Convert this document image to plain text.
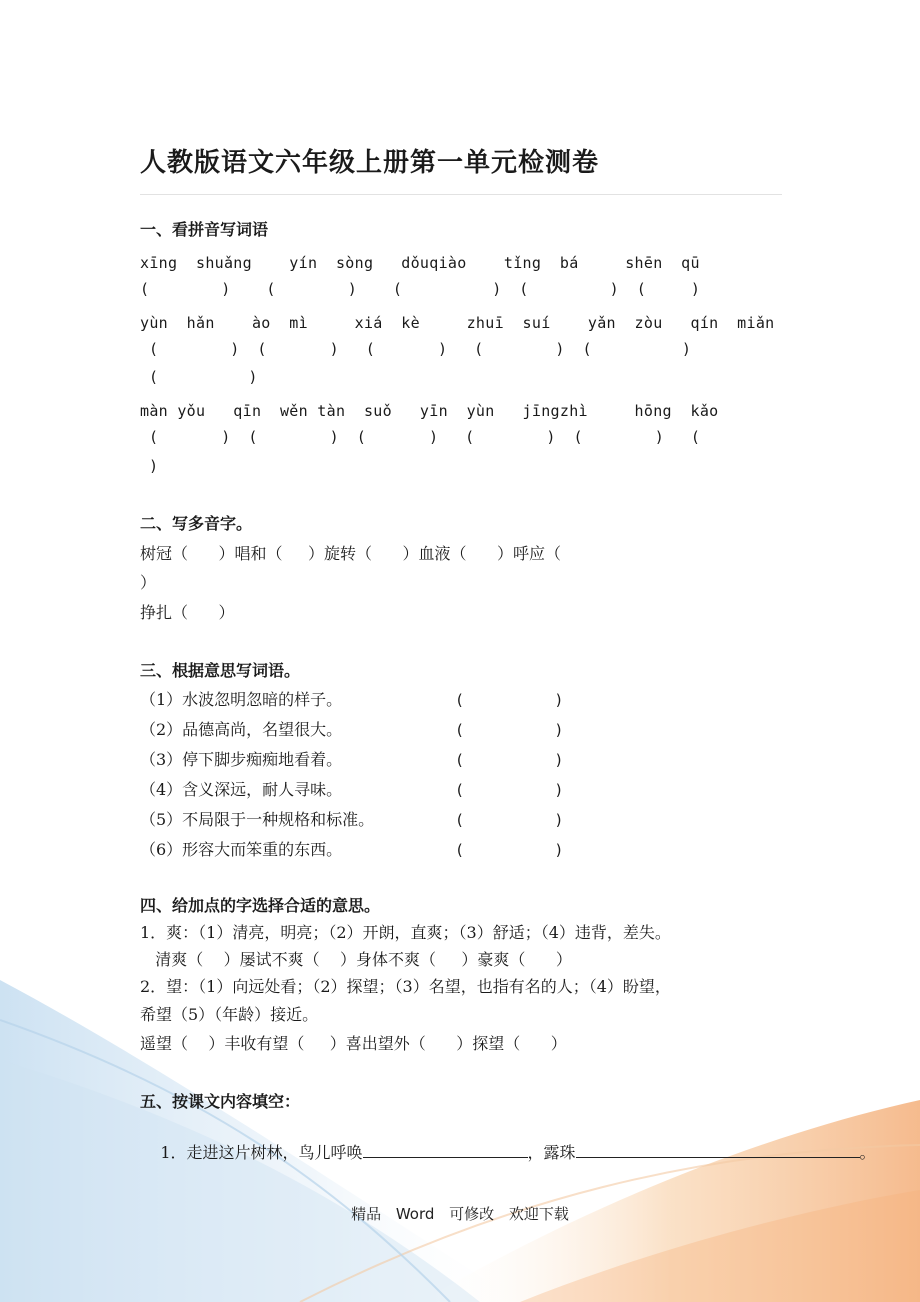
人教版语文六年级上册第一单元检测卷
一、看拼音写词语
xīng  shuǎng    yín  sòng   dǒuqiào    tǐng  bá     shēn  qū
(        )    (        )    (          )  (         )  (     )
yùn  hǎn    ào  mì     xiá  kè     zhuī  suí    yǎn  zòu   qín  miǎn
(        )  (       )   (       )   (        )  (          )
(          )
màn yǒu   qīn  wěn tàn  suǒ   yīn  yùn   jīngzhì     hōng  kǎo
(       )  (        )  (       )   (        )  (        )   (
)
二、写多音字。
树冠（      ）唱和（     ）旋转（      ）血液（      ）呼应（
）
挣扎（      ）
三、根据意思写词语。
（1）水波忽明忽暗的样子。	(          )
（2）品德高尚，名望很大。	(          )
（3）停下脚步痴痴地看着。	(          )
（4）含义深远，耐人寻味。	(          )
（5）不局限于一种规格和标准。	(          )
（6）形容大而笨重的东西。	(          )
四、给加点的字选择合适的意思。
1．爽：（1）清亮，明亮；（2）开朗，直爽；（3）舒适；（4）违背，差失。
清爽（    ）屡试不爽（    ）身体不爽（     ）豪爽（      ）
2．望：（1）向远处看；（2）探望；（3）名望，也指有名的人；（4）盼望，
希望（5）（年龄）接近。
遥望（    ）丰收有望（     ）喜出望外（      ）探望（      ）
五、按课文内容填空：

1．走进这片树林，鸟儿呼唤	，露珠	。

精品 Word 可修改 欢迎下载
